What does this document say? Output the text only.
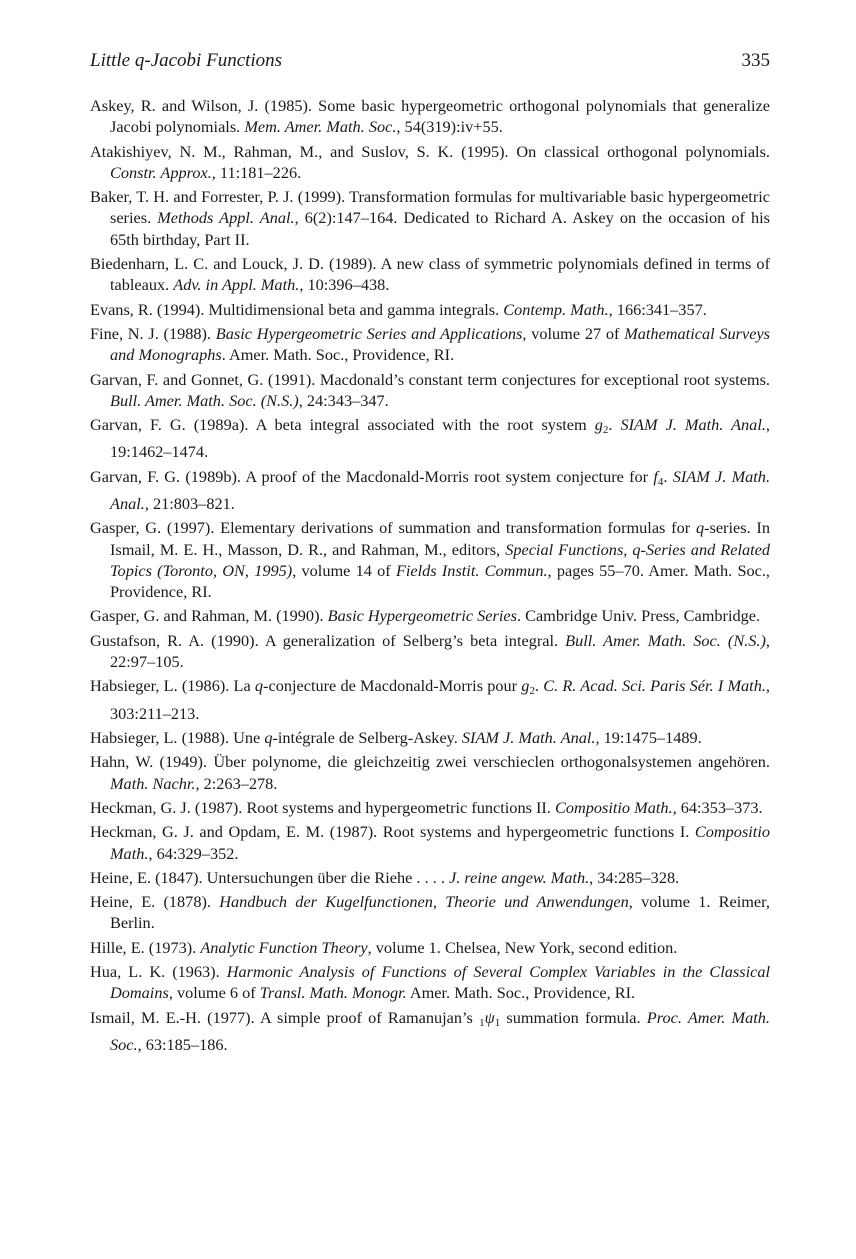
Little q-Jacobi Functions	335

Askey, R. and Wilson, J. (1985). Some basic hypergeometric orthogonal polynomials that generalize Jacobi polynomials. Mem. Amer. Math. Soc., 54(319):iv+55.

Atakishiyev, N. M., Rahman, M., and Suslov, S. K. (1995). On classical orthogonal polynomials. Constr. Approx., 11:181–226.

Baker, T. H. and Forrester, P. J. (1999). Transformation formulas for multivariable basic hypergeometric series. Methods Appl. Anal., 6(2):147–164. Dedicated to Richard A. Askey on the occasion of his 65th birthday, Part II.

Biedenharn, L. C. and Louck, J. D. (1989). A new class of symmetric polynomials defined in terms of tableaux. Adv. in Appl. Math., 10:396–438.

Evans, R. (1994). Multidimensional beta and gamma integrals. Contemp. Math., 166:341–357.

Fine, N. J. (1988). Basic Hypergeometric Series and Applications, volume 27 of Mathematical Surveys and Monographs. Amer. Math. Soc., Providence, RI.

Garvan, F. and Gonnet, G. (1991). Macdonald’s constant term conjectures for exceptional root systems. Bull. Amer. Math. Soc. (N.S.), 24:343–347.

Garvan, F. G. (1989a). A beta integral associated with the root system $g_2$. SIAM J. Math. Anal., 19:1462–1474.

Garvan, F. G. (1989b). A proof of the Macdonald-Morris root system conjecture for $f_4$. SIAM J. Math. Anal., 21:803–821.

Gasper, G. (1997). Elementary derivations of summation and transformation formulas for q-series. In Ismail, M. E. H., Masson, D. R., and Rahman, M., editors, Special Functions, q-Series and Related Topics (Toronto, ON, 1995), volume 14 of Fields Instit. Commun., pages 55–70. Amer. Math. Soc., Providence, RI.

Gasper, G. and Rahman, M. (1990). Basic Hypergeometric Series. Cambridge Univ. Press, Cambridge.

Gustafson, R. A. (1990). A generalization of Selberg’s beta integral. Bull. Amer. Math. Soc. (N.S.), 22:97–105.

Habsieger, L. (1986). La q-conjecture de Macdonald-Morris pour $g_2$. C. R. Acad. Sci. Paris Sér. I Math., 303:211–213.

Habsieger, L. (1988). Une q-intégrale de Selberg-Askey. SIAM J. Math. Anal., 19:1475–1489.

Hahn, W. (1949). Über polynome, die gleichzeitig zwei verschieclen orthogonalsystemen angehören. Math. Nachr., 2:263–278.

Heckman, G. J. (1987). Root systems and hypergeometric functions II. Compositio Math., 64:353–373.

Heckman, G. J. and Opdam, E. M. (1987). Root systems and hypergeometric functions I. Compositio Math., 64:329–352.

Heine, E. (1847). Untersuchungen über die Riehe . . . . J. reine angew. Math., 34:285–328.

Heine, E. (1878). Handbuch der Kugelfunctionen, Theorie und Anwendungen, volume 1. Reimer, Berlin.

Hille, E. (1973). Analytic Function Theory, volume 1. Chelsea, New York, second edition.

Hua, L. K. (1963). Harmonic Analysis of Functions of Several Complex Variables in the Classical Domains, volume 6 of Transl. Math. Monogr. Amer. Math. Soc., Providence, RI.

Ismail, M. E.-H. (1977). A simple proof of Ramanujan’s $_1\psi_1$ summation formula. Proc. Amer. Math. Soc., 63:185–186.
